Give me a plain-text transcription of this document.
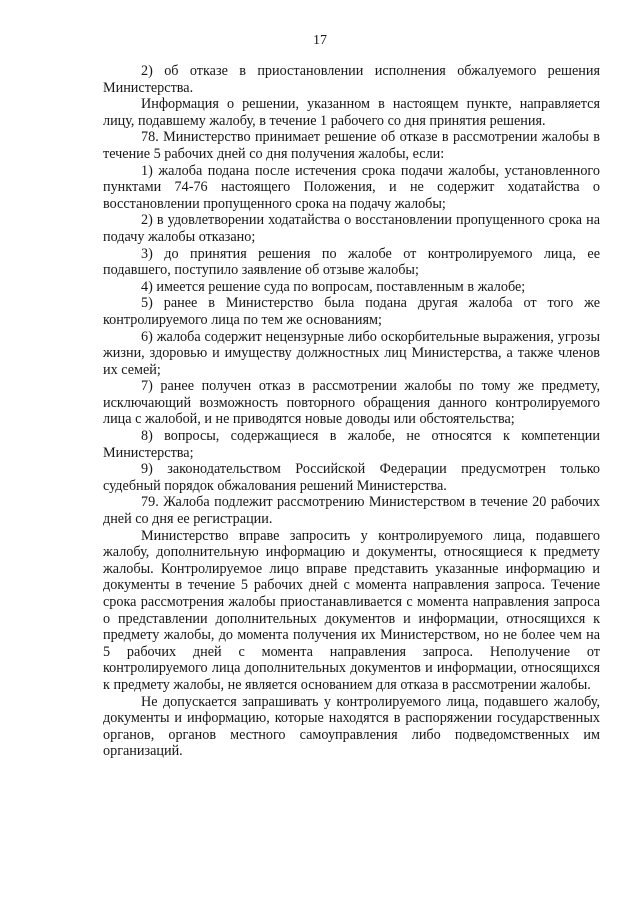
17

2) об отказе в приостановлении исполнения обжалуемого решения Министерства.

Информация о решении, указанном в настоящем пункте, направляется лицу, подавшему жалобу, в течение 1 рабочего со дня принятия решения.

78. Министерство принимает решение об отказе в рассмотрении жалобы в течение 5 рабочих дней со дня получения жалобы, если:

1) жалоба подана после истечения срока подачи жалобы, установленного пунктами 74-76 настоящего Положения, и не содержит ходатайства о восстановлении пропущенного срока на подачу жалобы;

2) в удовлетворении ходатайства о восстановлении пропущенного срока на подачу жалобы отказано;

3) до принятия решения по жалобе от контролируемого лица, ее подавшего, поступило заявление об отзыве жалобы;

4) имеется решение суда по вопросам, поставленным в жалобе;

5) ранее в Министерство была подана другая жалоба от того же контролируемого лица по тем же основаниям;

6) жалоба содержит нецензурные либо оскорбительные выражения, угрозы жизни, здоровью и имуществу должностных лиц Министерства, а также членов их семей;

7) ранее получен отказ в рассмотрении жалобы по тому же предмету, исключающий возможность повторного обращения данного контролируемого лица с жалобой, и не приводятся новые доводы или обстоятельства;

8) вопросы, содержащиеся в жалобе, не относятся к компетенции Министерства;

9) законодательством Российской Федерации предусмотрен только судебный порядок обжалования решений Министерства.

79. Жалоба подлежит рассмотрению Министерством в течение 20 рабочих дней со дня ее регистрации.

Министерство вправе запросить у контролируемого лица, подавшего жалобу, дополнительную информацию и документы, относящиеся к предмету жалобы. Контролируемое лицо вправе представить указанные информацию и документы в течение 5 рабочих дней с момента направления запроса. Течение срока рассмотрения жалобы приостанавливается с момента направления запроса о представлении дополнительных документов и информации, относящихся к предмету жалобы, до момента получения их Министерством, но не более чем на 5 рабочих дней с момента направления запроса. Неполучение от контролируемого лица дополнительных документов и информации, относящихся к предмету жалобы, не является основанием для отказа в рассмотрении жалобы.

Не допускается запрашивать у контролируемого лица, подавшего жалобу, документы и информацию, которые находятся в распоряжении государственных органов, органов местного самоуправления либо подведомственных им организаций.
